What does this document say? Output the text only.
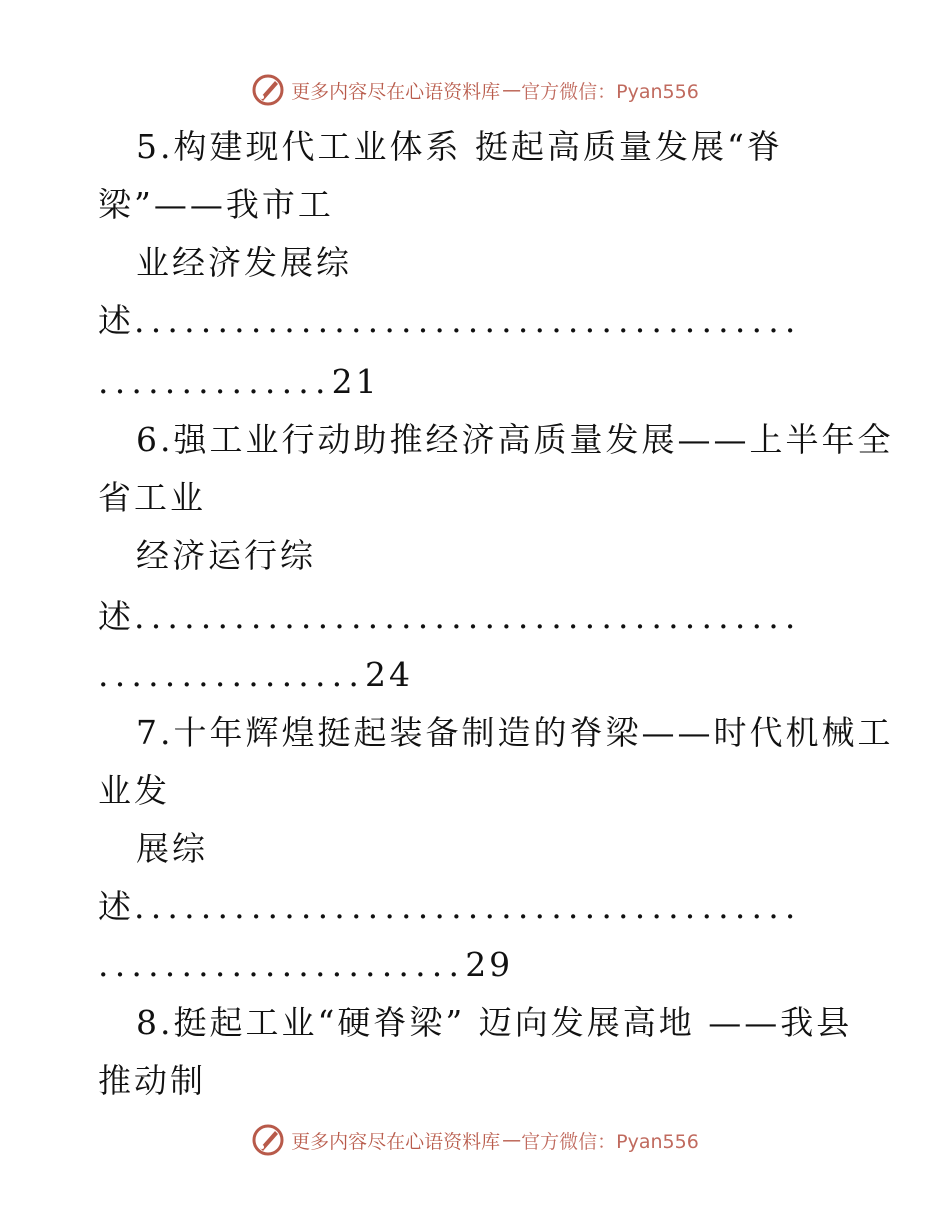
更多内容尽在心语资料库 — 官方微信：Pyan556
5.构建现代工业体系 挺起高质量发展“脊
梁”——我市工
业经济发展综
述........................................
..............21
6.强工业行动助推经济高质量发展——上半年全
省工业
经济运行综
述........................................
................24
7.十年辉煌挺起装备制造的脊梁——时代机械工
业发
展综
述........................................
......................29
8.挺起工业“硬脊梁” 迈向发展高地 ——我县
推动制
更多内容尽在心语资料库 — 官方微信：Pyan556
